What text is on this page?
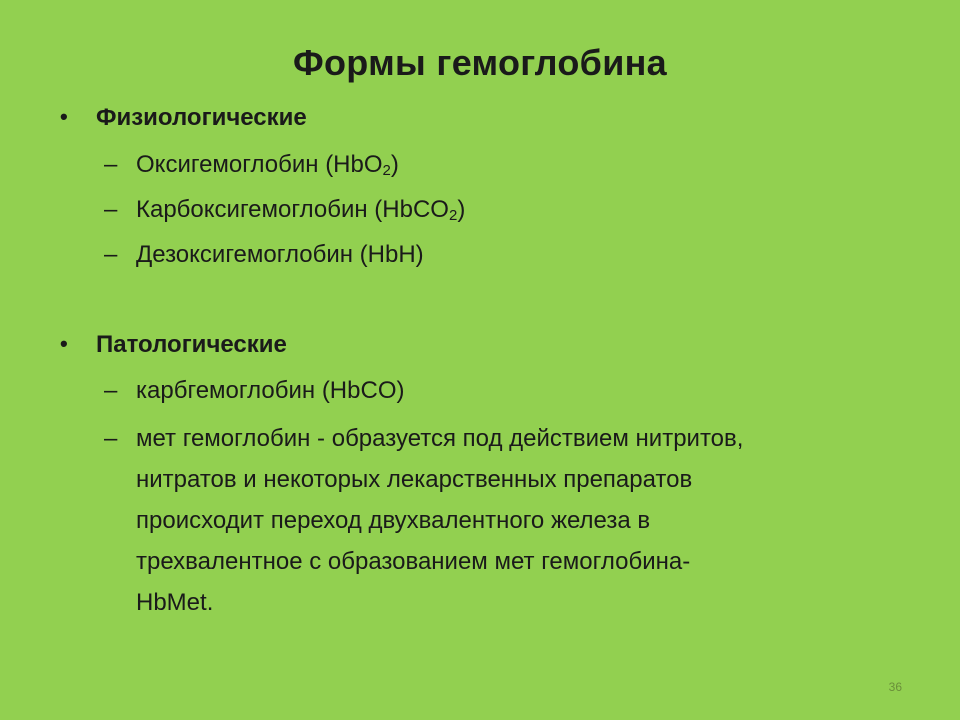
Формы гемоглобина
• Физиологические
– Оксигемоглобин (HbO$_2$)
– Карбоксигемоглобин (HbCO$_2$)
– Дезоксигемоглобин (HbH)
• Патологические
– карбгемоглобин (HbCO)
– мет гемоглобин - образуется под действием нитритов,
нитратов и некоторых лекарственных препаратов
происходит переход двухвалентного железа в
трехвалентное с образованием мет гемоглобина-
HbMet.
36
